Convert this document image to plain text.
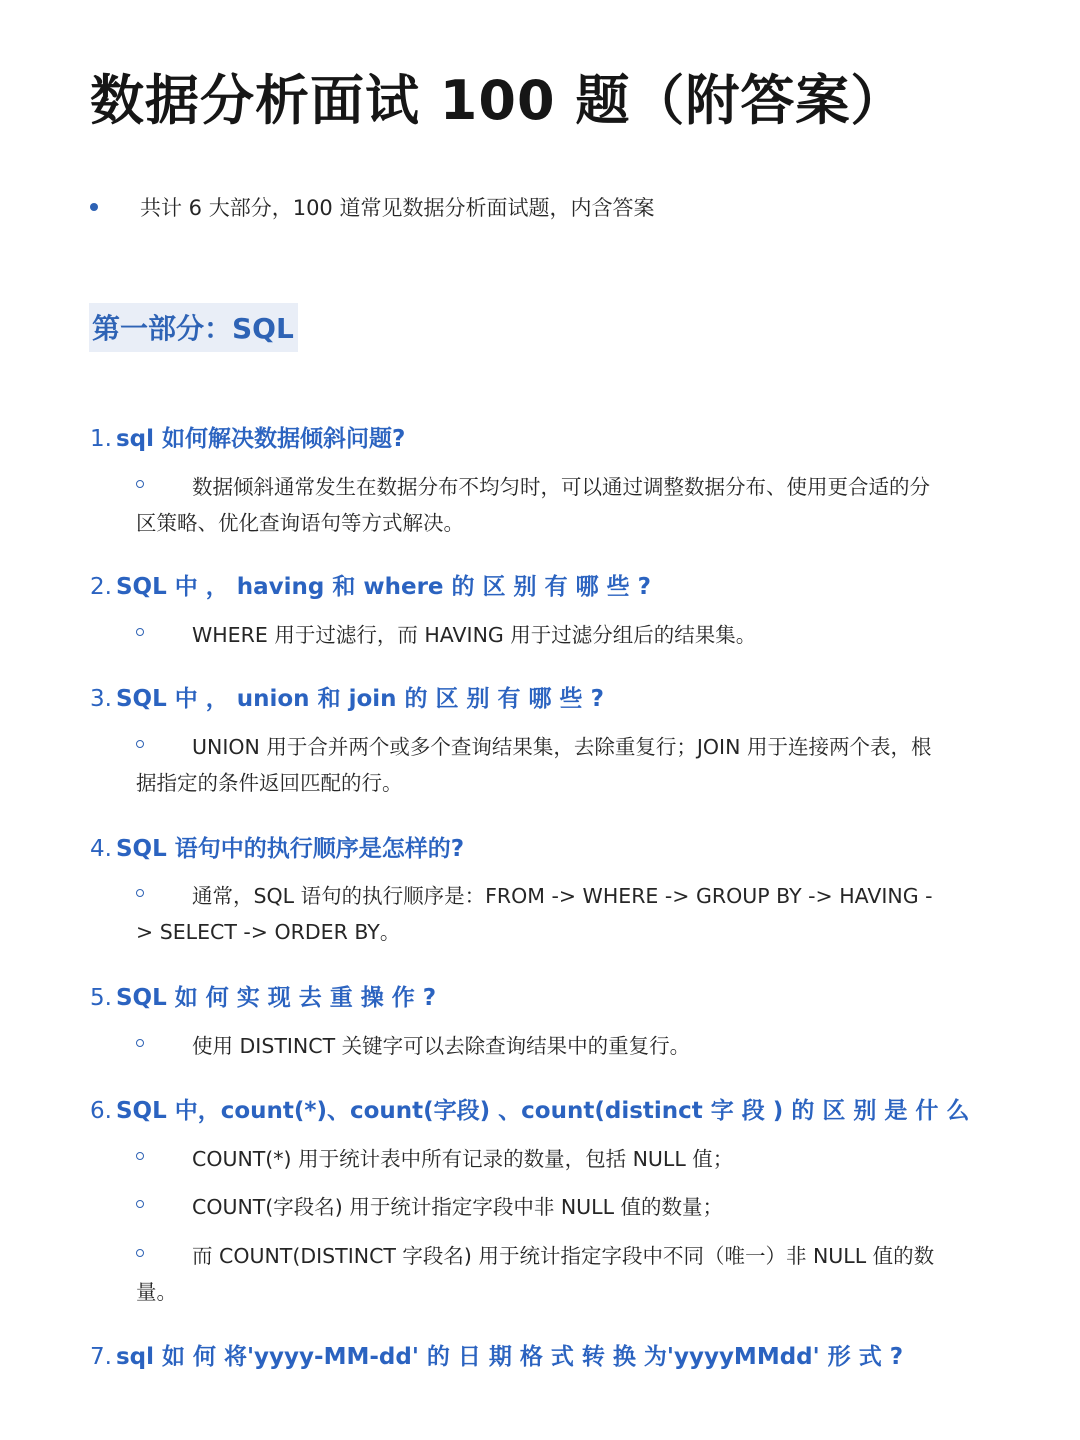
数据分析面试 100 题（附答案）
共计 6 大部分，100 道常见数据分析面试题，内含答案
第一部分：SQL
1. sql 如何解决数据倾斜问题?
数据倾斜通常发生在数据分布不均匀时，可以通过调整数据分布、使用更合适的分区策略、优化查询语句等方式解决。
2. SQL 中 ， having 和 where 的 区 别 有 哪 些 ?
WHERE 用于过滤行，而 HAVING 用于过滤分组后的结果集。
3. SQL 中 ， union 和 join 的 区 别 有 哪 些 ?
UNION 用于合并两个或多个查询结果集，去除重复行；JOIN 用于连接两个表，根据指定的条件返回匹配的行。
4. SQL 语句中的执行顺序是怎样的?
通常，SQL 语句的执行顺序是：FROM -> WHERE -> GROUP BY -> HAVING -> SELECT -> ORDER BY。
5. SQL 如 何 实 现 去 重 操 作 ?
使用 DISTINCT 关键字可以去除查询结果中的重复行。
6. SQL 中，count(*)、count(字段) 、count(distinct 字 段 ) 的 区 别 是 什 么
COUNT(*) 用于统计表中所有记录的数量，包括 NULL 值；
COUNT(字段名) 用于统计指定字段中非 NULL 值的数量；
而 COUNT(DISTINCT 字段名) 用于统计指定字段中不同（唯一）非 NULL 值的数量。
7. sql 如 何 将'yyyy-MM-dd' 的 日 期 格 式 转 换 为'yyyyMMdd' 形 式 ?
